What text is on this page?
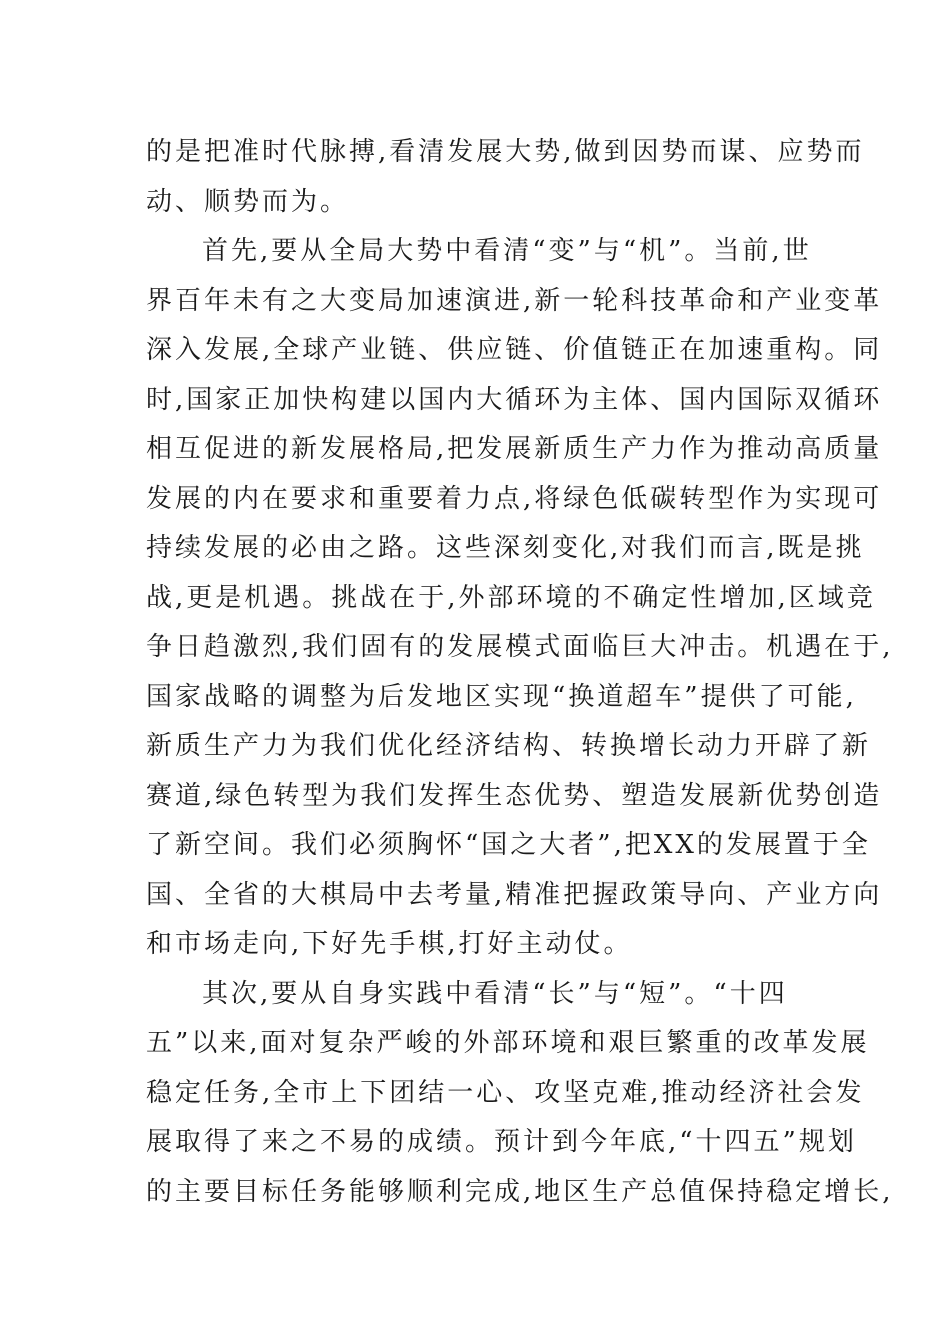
的是把准时代脉搏,看清发展大势,做到因势而谋、应势而
动、顺势而为。
首先,要从全局大势中看清“变”与“机”。当前,世
界百年未有之大变局加速演进,新一轮科技革命和产业变革
深入发展,全球产业链、供应链、价值链正在加速重构。同
时,国家正加快构建以国内大循环为主体、国内国际双循环
相互促进的新发展格局,把发展新质生产力作为推动高质量
发展的内在要求和重要着力点,将绿色低碳转型作为实现可
持续发展的必由之路。这些深刻变化,对我们而言,既是挑
战,更是机遇。挑战在于,外部环境的不确定性增加,区域竞
争日趋激烈,我们固有的发展模式面临巨大冲击。机遇在于,
国家战略的调整为后发地区实现“换道超车”提供了可能,
新质生产力为我们优化经济结构、转换增长动力开辟了新
赛道,绿色转型为我们发挥生态优势、塑造发展新优势创造
了新空间。我们必须胸怀“国之大者”,把XX的发展置于全
国、全省的大棋局中去考量,精准把握政策导向、产业方向
和市场走向,下好先手棋,打好主动仗。
其次,要从自身实践中看清“长”与“短”。“十四
五”以来,面对复杂严峻的外部环境和艰巨繁重的改革发展
稳定任务,全市上下团结一心、攻坚克难,推动经济社会发
展取得了来之不易的成绩。预计到今年底,“十四五”规划
的主要目标任务能够顺利完成,地区生产总值保持稳定增长,
